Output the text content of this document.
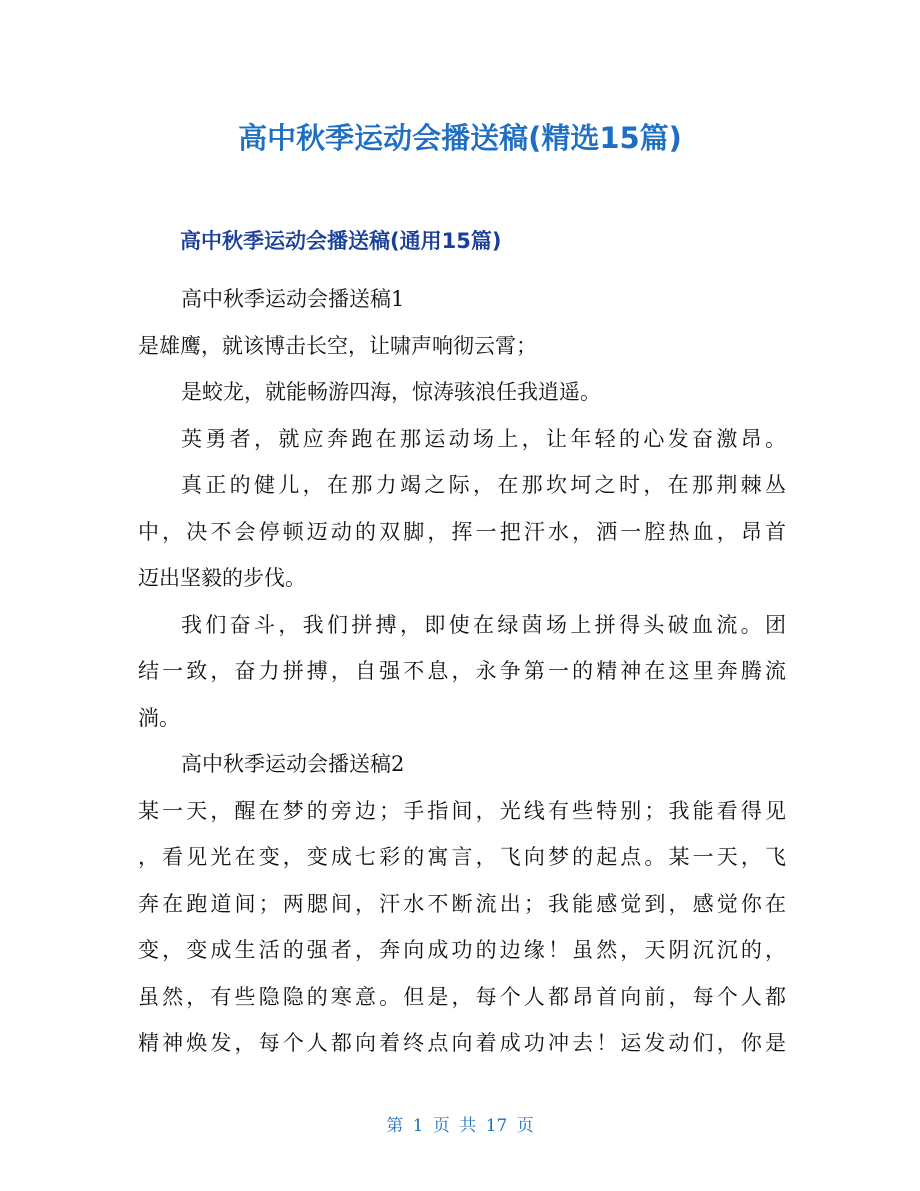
高中秋季运动会播送稿(精选15篇)
高中秋季运动会播送稿(通用15篇)
高中秋季运动会播送稿1
是雄鹰，就该博击长空，让啸声响彻云霄；
是蛟龙，就能畅游四海，惊涛骇浪任我逍遥。
英勇者，就应奔跑在那运动场上，让年轻的心发奋激昂。
真正的健儿，在那力竭之际，在那坎坷之时，在那荆棘丛
中，决不会停顿迈动的双脚，挥一把汗水，洒一腔热血，昂首
迈出坚毅的步伐。
我们奋斗，我们拼搏，即使在绿茵场上拼得头破血流。团
结一致，奋力拼搏，自强不息，永争第一的精神在这里奔腾流
淌。
高中秋季运动会播送稿2
某一天，醒在梦的旁边；手指间，光线有些特别；我能看得见
，看见光在变，变成七彩的寓言，飞向梦的起点。某一天，飞
奔在跑道间；两腮间，汗水不断流出；我能感觉到，感觉你在
变，变成生活的强者，奔向成功的边缘！虽然，天阴沉沉的，
虽然，有些隐隐的寒意。但是，每个人都昂首向前，每个人都
精神焕发，每个人都向着终点向着成功冲去！运发动们，你是
第 1 页 共 17 页
